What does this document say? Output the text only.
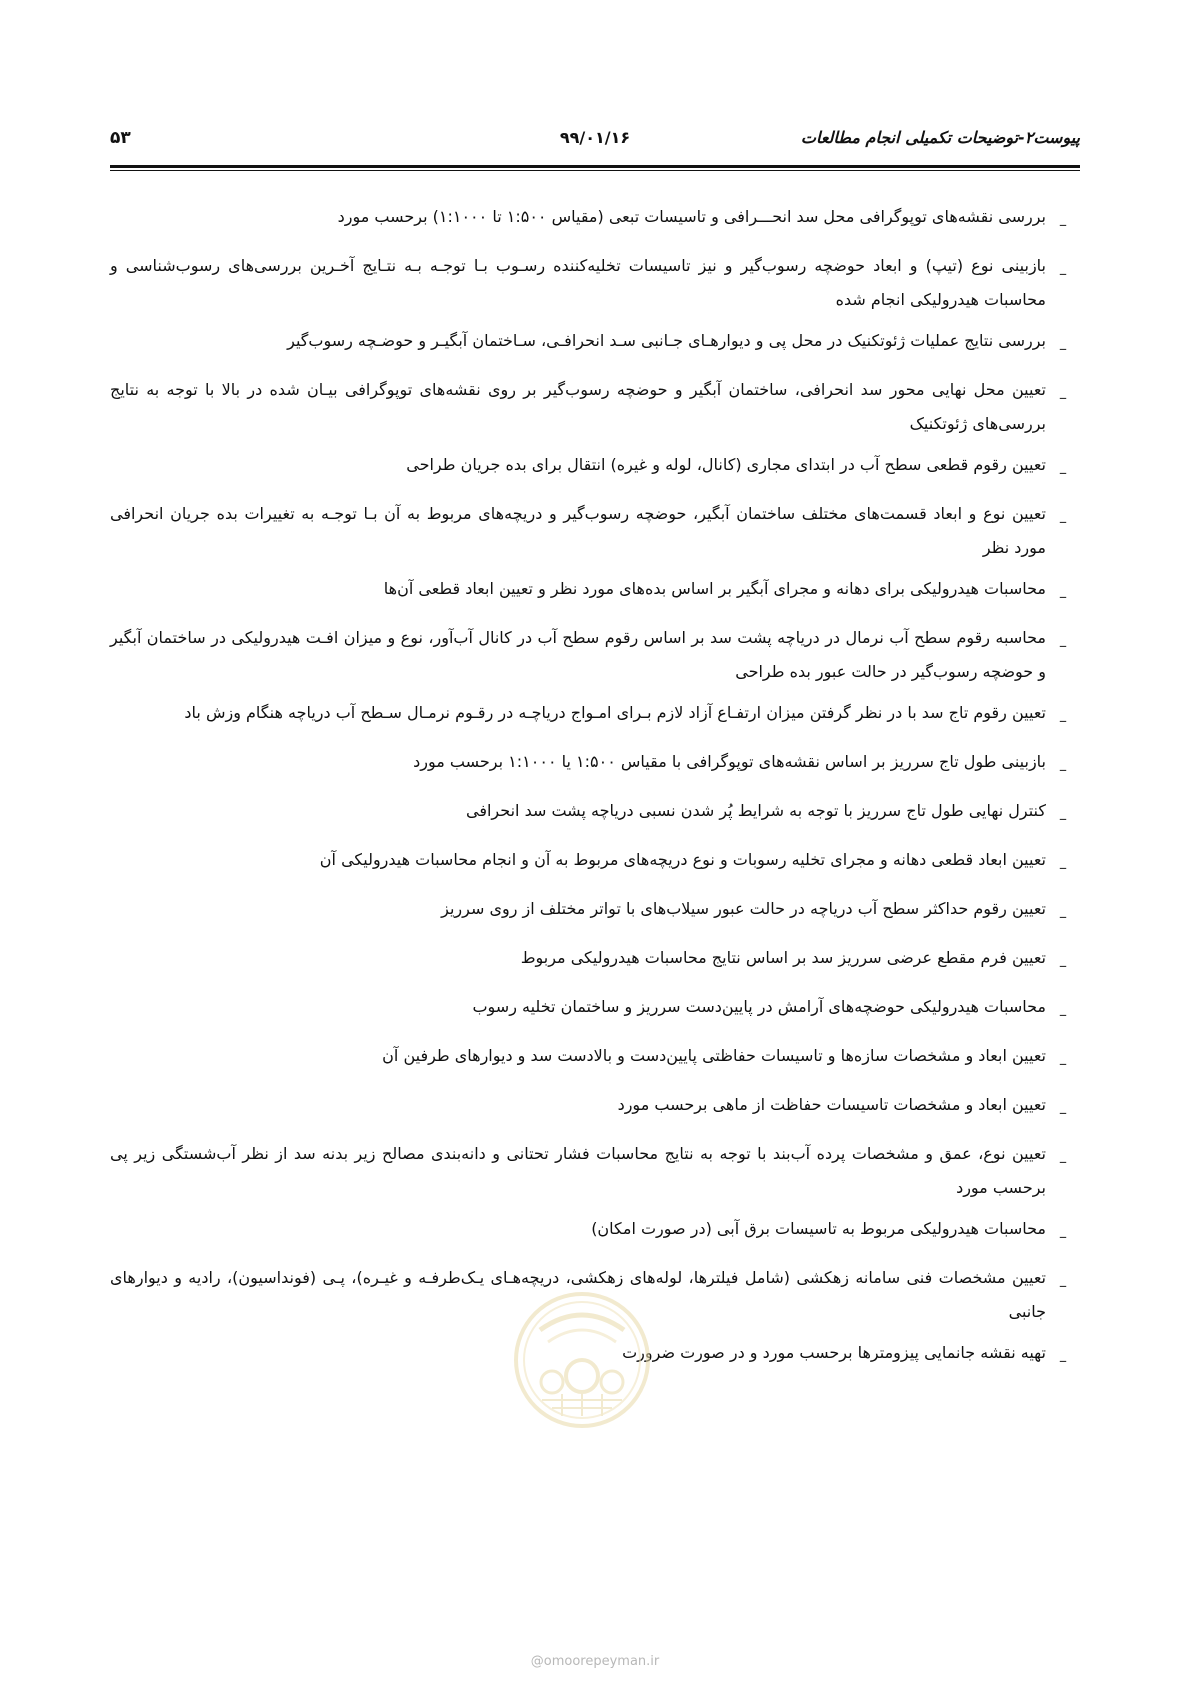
پیوست۲-توضیحات تکمیلی انجام مطالعات
۹۹/۰۱/۱۶
۵۳
–
بررسی نقشه‌های توپوگرافی محل سد انحـــرافی و تاسیسات تبعی (مقیاس ۱:۵۰۰ تا ۱:۱۰۰۰) برحسب مورد
–
بازبینی نوع (تیپ) و ابعاد حوضچه رسوب‌گیر و نیز تاسیسات تخلیه‌کننده رسـوب بـا توجـه بـه نتـایج آخـرین بررسی‌های رسوب‌شناسی و محاسبات هیدرولیکی انجام شده
–
بررسی نتایج عملیات ژئوتکنیک در محل پی و دیوارهـای جـانبی سـد انحرافـی، سـاختمان آبگیـر و حوضـچه رسوب‌گیر
–
تعیین محل نهایی محور سد انحرافی، ساختمان آبگیر و حوضچه رسوب‌گیر بر روی نقشه‌های توپوگرافی بیـان شده در بالا با توجه به نتایج بررسی‌های ژئوتکنیک
–
تعیین رقوم قطعی سطح آب در ابتدای مجاری (کانال، لوله و غیره) انتقال برای بده جریان طراحی
–
تعیین نوع و ابعاد قسمت‌های مختلف ساختمان آبگیر، حوضچه رسوب‌گیر و دریچه‌های مربوط به آن بـا توجـه به تغییرات بده جریان انحرافی مورد نظر
–
محاسبات هیدرولیکی برای دهانه و مجرای آبگیر بر اساس بده‌های مورد نظر و تعیین ابعاد قطعی آن‌ها
–
محاسبه رقوم سطح آب نرمال در دریاچه پشت سد بر اساس رقوم سطح آب در کانال آب‌آور، نوع و میزان افـت هیدرولیکی در ساختمان آبگیر و حوضچه رسوب‌گیر در حالت عبور بده طراحی
–
تعیین رقوم تاج سد با در نظر گرفتن میزان ارتفـاع آزاد لازم بـرای امـواج دریاچـه در رقـوم نرمـال سـطح آب دریاچه هنگام وزش باد
–
بازبینی طول تاج سرریز بر اساس نقشه‌های توپوگرافی با مقیاس ۱:۵۰۰ یا ۱:۱۰۰۰ برحسب مورد
–
کنترل نهایی طول تاج سرریز با توجه به شرایط پُر شدن نسبی دریاچه پشت سد انحرافی
–
تعیین ابعاد قطعی دهانه و مجرای تخلیه رسوبات و نوع دریچه‌های مربوط به آن و انجام محاسبات هیدرولیکی آن
–
تعیین رقوم حداکثر سطح آب دریاچه در حالت عبور سیلاب‌های با تواتر مختلف از روی سرریز
–
تعیین فرم مقطع عرضی سرریز سد بر اساس نتایج محاسبات هیدرولیکی مربوط
–
محاسبات هیدرولیکی حوضچه‌های آرامش در پایین‌دست سرریز و ساختمان تخلیه رسوب
–
تعیین ابعاد و مشخصات سازه‌ها و تاسیسات حفاظتی پایین‌دست و بالادست سد و دیوارهای طرفین آن
–
تعیین ابعاد و مشخصات تاسیسات حفاظت از ماهی برحسب مورد
–
تعیین نوع، عمق و مشخصات پرده آب‌بند با توجه به نتایج محاسبات فشار تحتانی و دانه‌بندی مصالح زیر بدنه سد از نظر آب‌شستگی زیر پی برحسب مورد
–
محاسبات هیدرولیکی مربوط به تاسیسات برق آبی (در صورت امکان)
–
تعیین مشخصات فنی سامانه زهکشی (شامل فیلترها، لوله‌های زهکشی، دریچه‌هـای یـک‌طرفـه و غیـره)، پـی (فونداسیون)، رادیه و دیوارهای جانبی
–
تهیه نقشه جانمایی پیزومترها برحسب مورد و در صورت ضرورت
@omoorepeyman.ir
